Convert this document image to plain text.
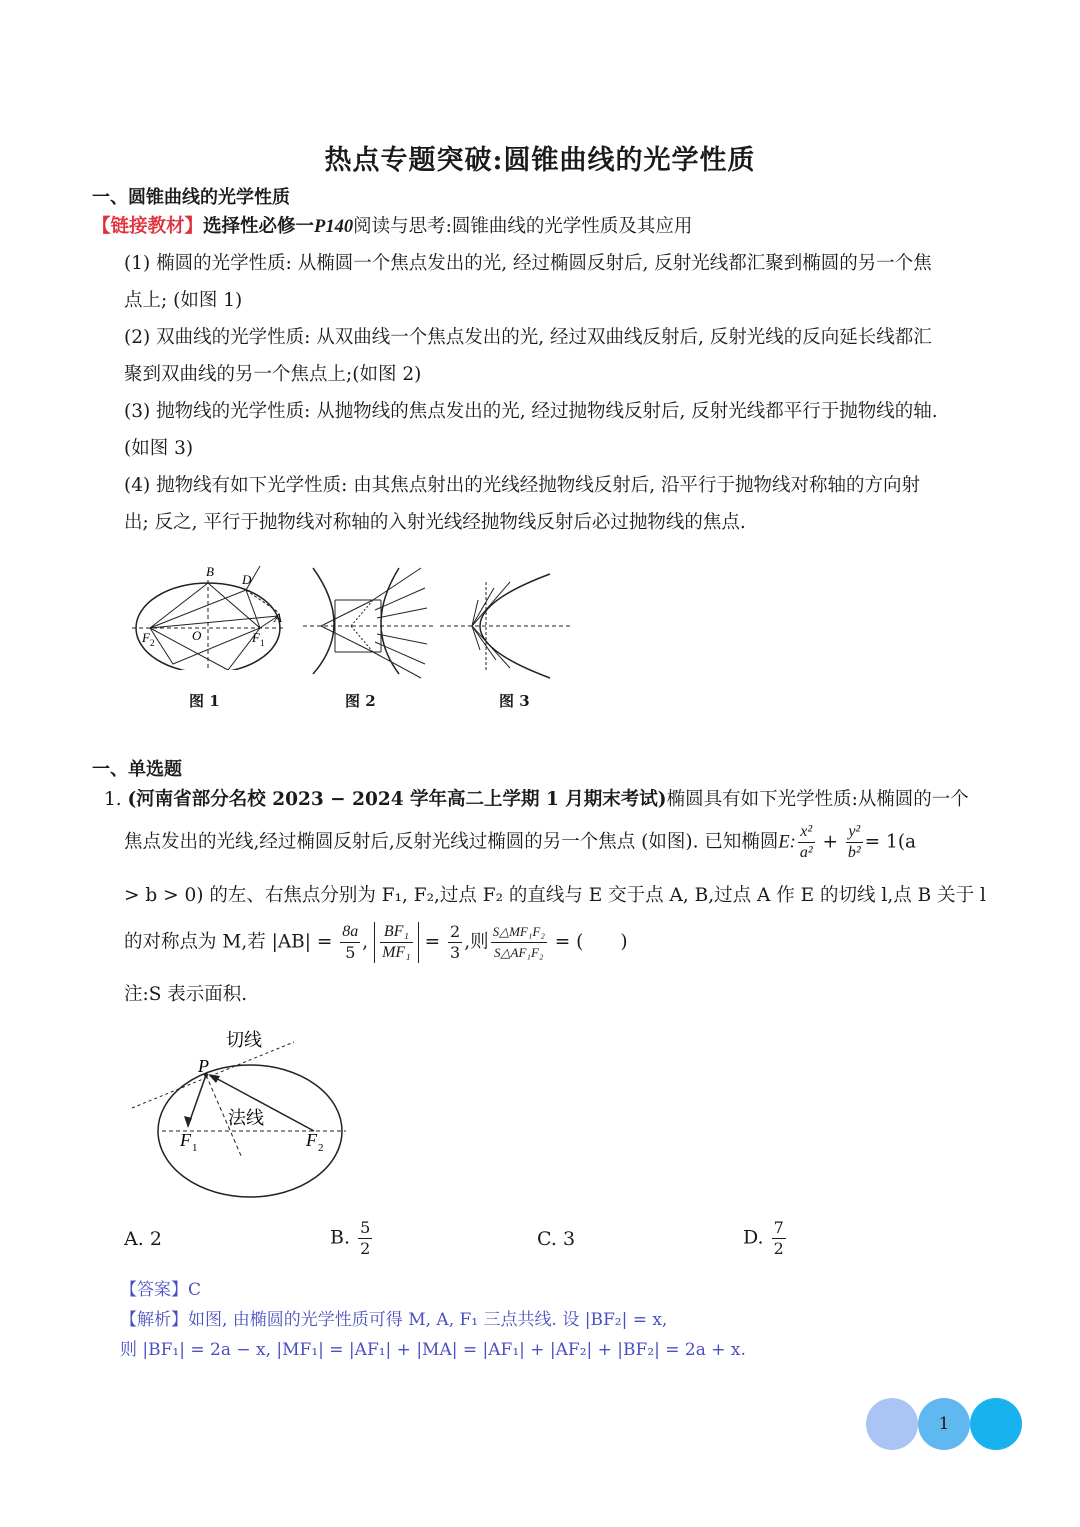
热点专题突破:圆锥曲线的光学性质
一、圆锥曲线的光学性质
【链接教材】选择性必修一P140阅读与思考:圆锥曲线的光学性质及其应用
(1) 椭圆的光学性质: 从椭圆一个焦点发出的光, 经过椭圆反射后, 反射光线都汇聚到椭圆的另一个焦
点上; (如图 1)
(2) 双曲线的光学性质: 从双曲线一个焦点发出的光, 经过双曲线反射后, 反射光线的反向延长线都汇
聚到双曲线的另一个焦点上;(如图 2)
(3) 抛物线的光学性质: 从抛物线的焦点发出的光, 经过抛物线反射后, 反射光线都平行于抛物线的轴.
(如图 3)
(4) 抛物线有如下光学性质: 由其焦点射出的光线经抛物线反射后, 沿平行于抛物线对称轴的方向射
出; 反之, 平行于抛物线对称轴的入射光线经抛物线反射后必过抛物线的焦点.
B
D
A
O
F 2	F 1
图 1	图 2	图 3
一、单选题
1. (河南省部分名校 2023 − 2024 学年高二上学期 1 月期末考试)椭圆具有如下光学性质:从椭圆的一个
焦点发出的光线,经过椭圆反射后,反射光线过椭圆的另一个焦点 (如图). 已知椭圆E: $\frac{\text{x²}}{\text{a²}} + \frac{\text{y²}}{\text{b²}} = 1(a$
> b > 0) 的左、右焦点分别为 F₁, F₂,过点 F₂ 的直线与 E 交于点 A, B,过点 A 作 E 的切线 l,点 B 关于 l
的对称点为 M,若 $|AB| = \frac{8a}{5}$ , $\frac{\text{BF₁}}{\text{MF₁}} = \frac{2}{3}$ ,则 $\frac{\text{S△MF₁F₂}}{\text{S△AF₁F₂}}$ = (　　)
注:S 表示面积.
切线
法线
P
F 1	F 2
A. 2	B. $\frac{5}{2}$	C. 3	D. $\frac{7}{2}$
【答案】C
【解析】如图, 由椭圆的光学性质可得 M, A, F₁ 三点共线. 设 |BF₂| = x,
则 |BF₁| = 2a − x, |MF₁| = |AF₁| + |MA| = |AF₁| + |AF₂| + |BF₂| = 2a + x.
1
